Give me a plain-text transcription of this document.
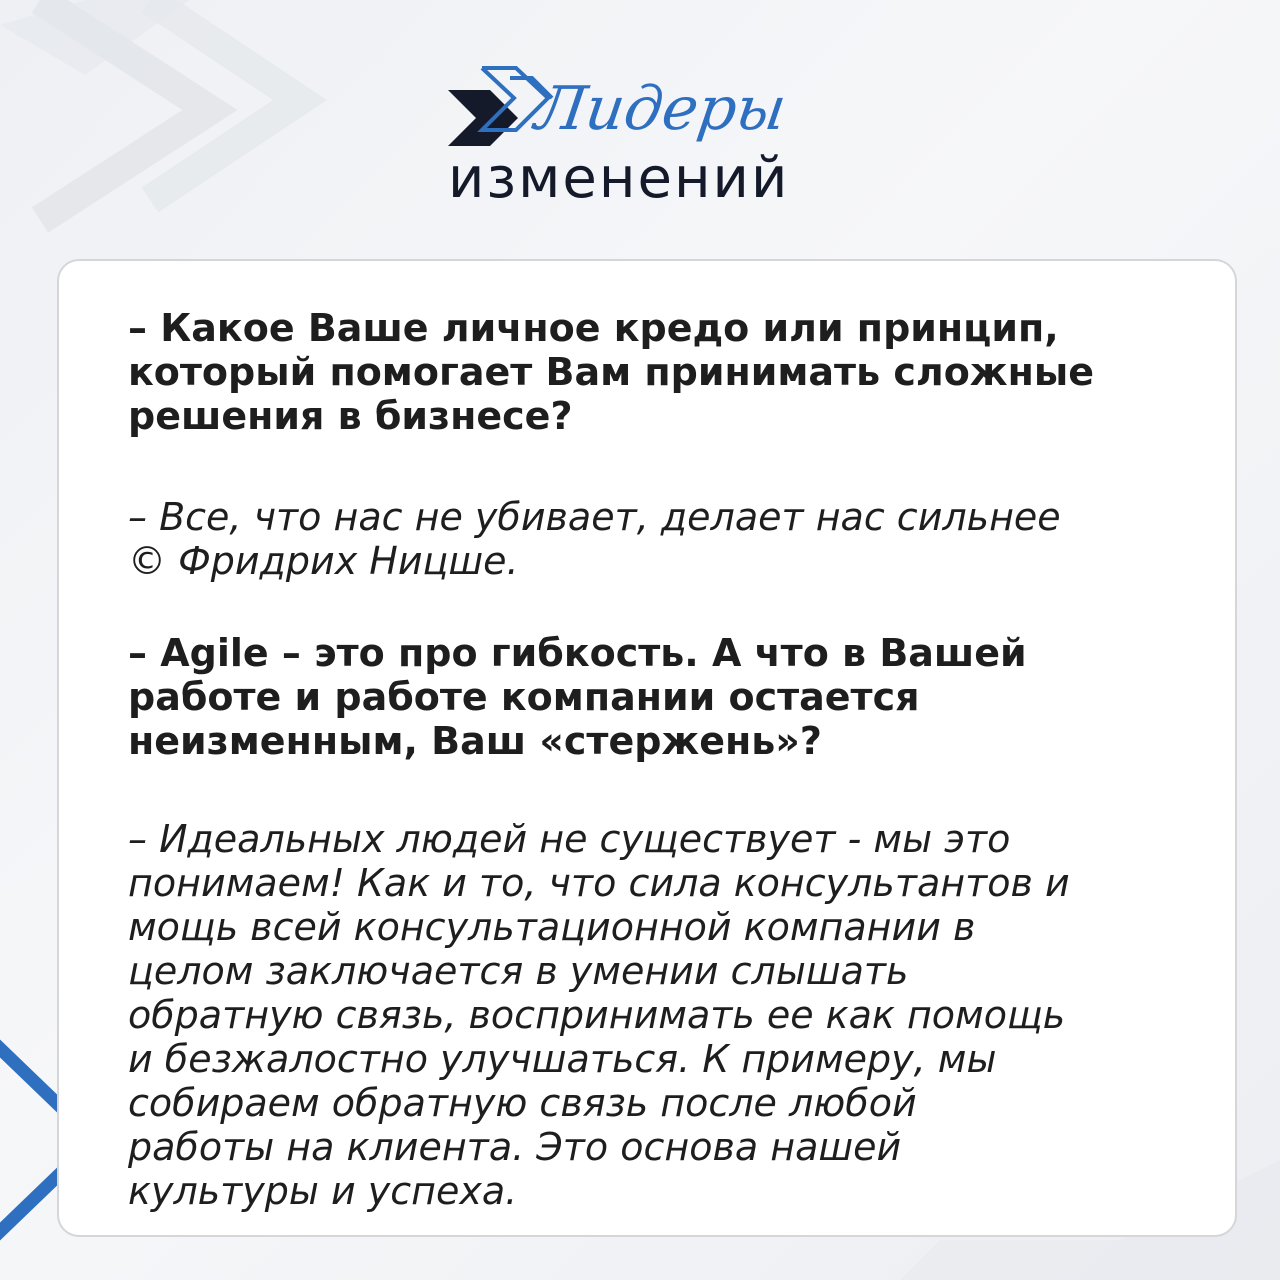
Лидеры
изменений

– Какое Ваше личное кредо или принцип,
который помогает Вам принимать сложные
решения в бизнесе?

– Все, что нас не убивает, делает нас сильнее
© Фридрих Ницше.

– Agile – это про гибкость. А что в Вашей
работе и работе компании остается
неизменным, Ваш «стержень»?

– Идеальных людей не существует - мы это
понимаем! Как и то, что сила консультантов и
мощь всей консультационной компании в
целом заключается в умении слышать
обратную связь, воспринимать ее как помощь
и безжалостно улучшаться. К примеру, мы
собираем обратную связь после любой
работы на клиента. Это основа нашей
культуры и успеха.
